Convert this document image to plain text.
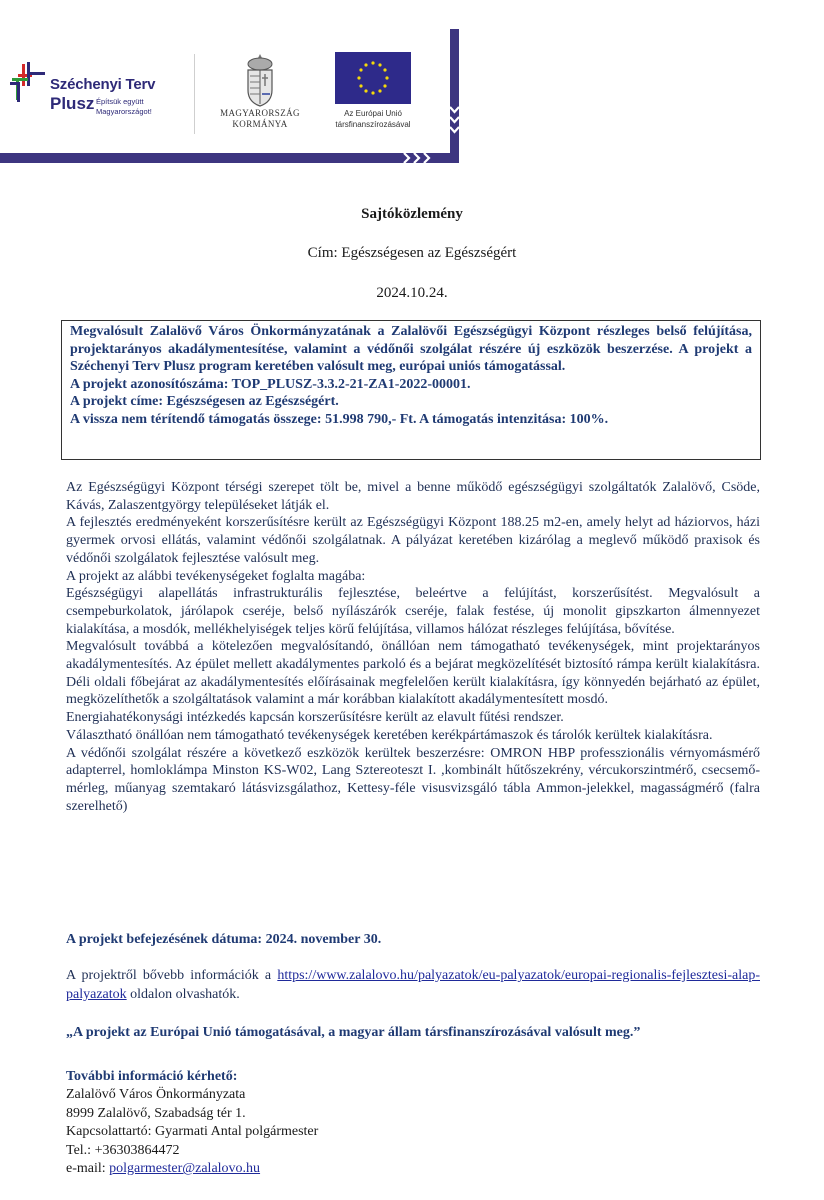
Széchenyi Terv
Plusz Építsük együtt
Magyarországot!	MAGYARORSZÁG
KORMÁNYA
Az Európai Unió
társfinanszírozásával
Sajtóközlemény
Cím: Egészségesen az Egészségért
2024.10.24.
Megvalósult Zalalövő Város Önkormányzatának a Zalalövői Egészségügyi Központ részleges belső felújítása, projektarányos akadálymentesítése, valamint a védőnői szolgálat részére új eszközök beszerzése. A projekt a Széchenyi Terv Plusz program keretében valósult meg, európai uniós támogatással.
A projekt azonosítószáma: TOP_PLUSZ-3.3.2-21-ZA1-2022-00001.
A projekt címe: Egészségesen az Egészségért.
A vissza nem térítendő támogatás összege: 51.998 790,- Ft. A támogatás intenzitása: 100%.

Az Egészségügyi Központ térségi szerepet tölt be, mivel a benne működő egészségügyi szolgáltatók Zalalövő, Csöde, Kávás, Zalaszentgyörgy településeket látják el.

A fejlesztés eredményeként korszerűsítésre került az Egészségügyi Központ 188.25 m2-en, amely helyt ad háziorvos, házi gyermek orvosi ellátás, valamint védőnői szolgálatnak. A pályázat keretében kizárólag a meglevő működő praxisok és védőnői szolgálatok fejlesztése valósult meg.

A projekt az alábbi tevékenységeket foglalta magába:

Egészségügyi alapellátás infrastrukturális fejlesztése, beleértve a felújítást, korszerűsítést. Megvalósult a csempeburkolatok, járólapok cseréje, belső nyílászárók cseréje, falak festése, új monolit gipszkarton álmennyezet kialakítása, a mosdók, mellékhelyiségek teljes körű felújítása, villamos hálózat részleges felújítása, bővítése.

Megvalósult továbbá a kötelezően megvalósítandó, önállóan nem támogatható tevékenységek, mint projektarányos akadálymentesítés. Az épület mellett akadálymentes parkoló és a bejárat megközelítését biztosító rámpa került kialakításra. Déli oldali főbejárat az akadálymentesítés előírásainak megfelelően került kialakításra, így könnyedén bejárható az épület, megközelíthetők a szolgáltatások valamint a már korábban kialakított akadálymentesített mosdó.

Energiahatékonysági intézkedés kapcsán korszerűsítésre került az elavult fűtési rendszer.

Választható önállóan nem támogatható tevékenységek keretében kerékpártámaszok és tárolók kerültek kialakításra.

A védőnői szolgálat részére a következő eszközök kerültek beszerzésre: OMRON HBP professzionális vérnyomásmérő adapterrel, homloklámpa Minston KS-W02, Lang Sztereoteszt I. ,kombinált hűtőszekrény, vércukorszintmérő, csecsemő-mérleg, műanyag szemtakaró látásvizsgálathoz, Kettesy-féle visusvizsgáló tábla Ammon-jelekkel, magasságmérő (falra szerelhető)

A projekt befejezésének dátuma: 2024. november 30.
A projektről bővebb információk a https://www.zalalovo.hu/palyazatok/eu-palyazatok/europai-regionalis-fejlesztesi-alap-palyazatok oldalon olvashatók.
„A projekt az Európai Unió támogatásával, a magyar állam társfinanszírozásával valósult meg.”
További információ kérhető:
Zalalövő Város Önkormányzata
8999 Zalalövő, Szabadság tér 1.
Kapcsolattartó: Gyarmati Antal polgármester
Tel.: +36303864472
e-mail: polgarmester@zalalovo.hu
